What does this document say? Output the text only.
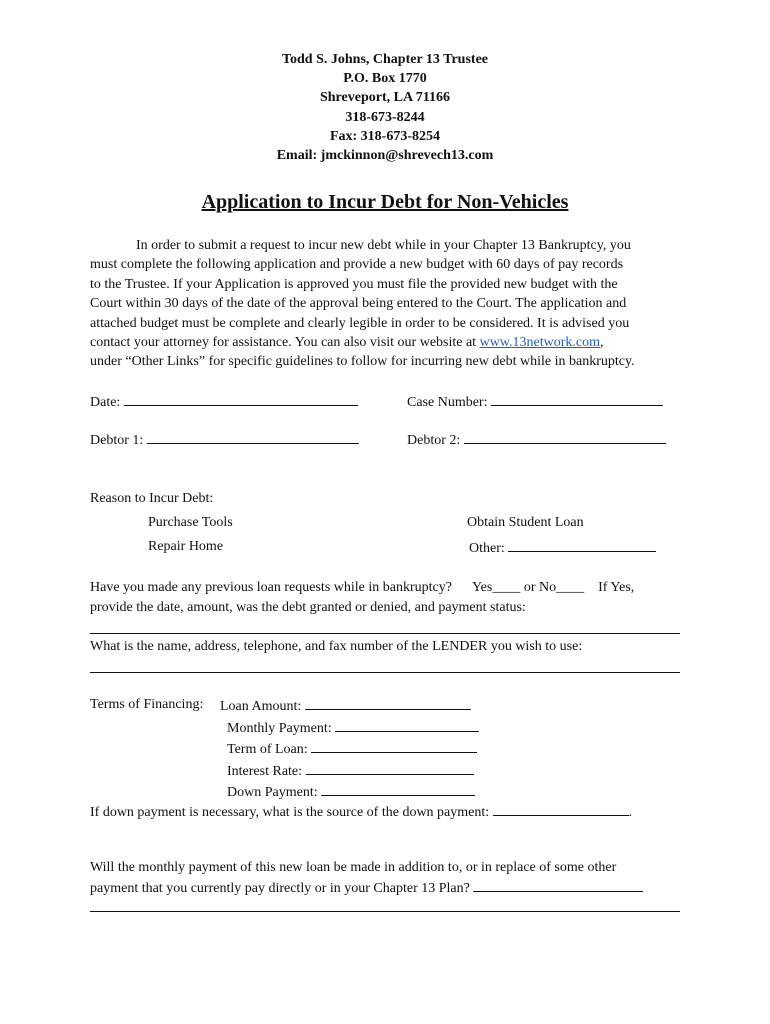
Todd S. Johns, Chapter 13 Trustee
P.O. Box 1770
Shreveport, LA 71166
318-673-8244
Fax: 318-673-8254
Email: jmckinnon@shrevech13.com
Application to Incur Debt for Non-Vehicles
In order to submit a request to incur new debt while in your Chapter 13 Bankruptcy, you
must complete the following application and provide a new budget with 60 days of pay records
to the Trustee. If your Application is approved you must file the provided new budget with the
Court within 30 days of the date of the approval being entered to the Court. The application and
attached budget must be complete and clearly legible in order to be considered. It is advised you
contact your attorney for assistance. You can also visit our website at www.13network.com,
under “Other Links” for specific guidelines to follow for incurring new debt while in bankruptcy.
Date:	Case Number:
Debtor 1:	Debtor 2:
Reason to Incur Debt:
Purchase Tools	Obtain Student Loan
Repair Home	Other:
Have you made any previous loan requests while in bankruptcy? Yes____ or No____ If Yes,
provide the date, amount, was the debt granted or denied, and payment status:
What is the name, address, telephone, and fax number of the LENDER you wish to use:
Terms of Financing: Loan Amount:
Monthly Payment:
Term of Loan:
Interest Rate:
Down Payment:
If down payment is necessary, what is the source of the down payment:	.
Will the monthly payment of this new loan be made in addition to, or in replace of some other
payment that you currently pay directly or in your Chapter 13 Plan?
